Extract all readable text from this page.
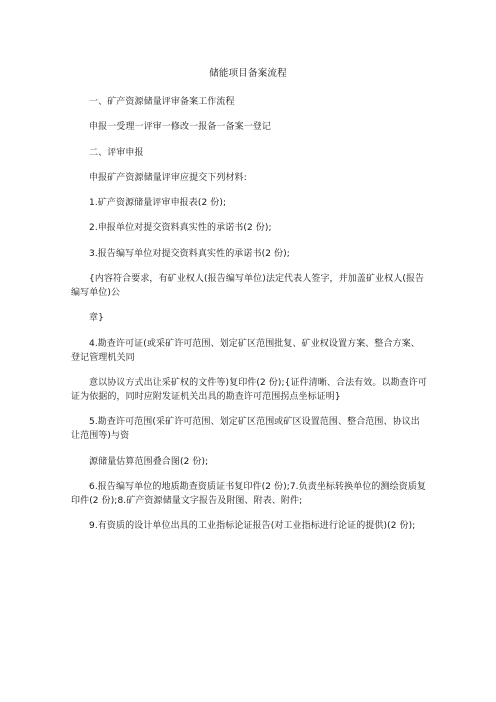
储能项目备案流程

一、矿产资源储量评审备案工作流程

申报一受理一评审一修改一报备一备案一登记

二、评审申报

申报矿产资源储量评审应提交下列材料:

1.矿产资源储量评审申报表(2 份);

2.申报单位对提交资料真实性的承诺书(2 份);

3.报告编写单位对提交资料真实性的承诺书(2 份);

{内容符合要求，有矿业权人(报告编写单位)法定代表人签字，并加盖矿业权人(报告编写单位)公

章}

4.勘查许可证(或采矿许可范围、划定矿区范围批复、矿业权设置方案、整合方案、登记管理机关同

意以协议方式出让采矿权的文件等)复印件(2 份);{证件清晰、合法有效。以勘查许可证为依据的，同时应附发证机关出具的勘查许可范围拐点坐标证明}

5.勘查许可范围(采矿许可范围、划定矿区范围或矿区设置范围、整合范围、协议出让范围等)与资

源储量估算范围叠合图(2 份);

6.报告编写单位的地质勘查资质证书复印件(2 份);7.负责坐标转换单位的测绘资质复印件(2 份);8.矿产资源储量文字报告及附图、附表、附件;

9.有资质的设计单位出具的工业指标论证报告(对工业指标进行论证的提供)(2 份);
